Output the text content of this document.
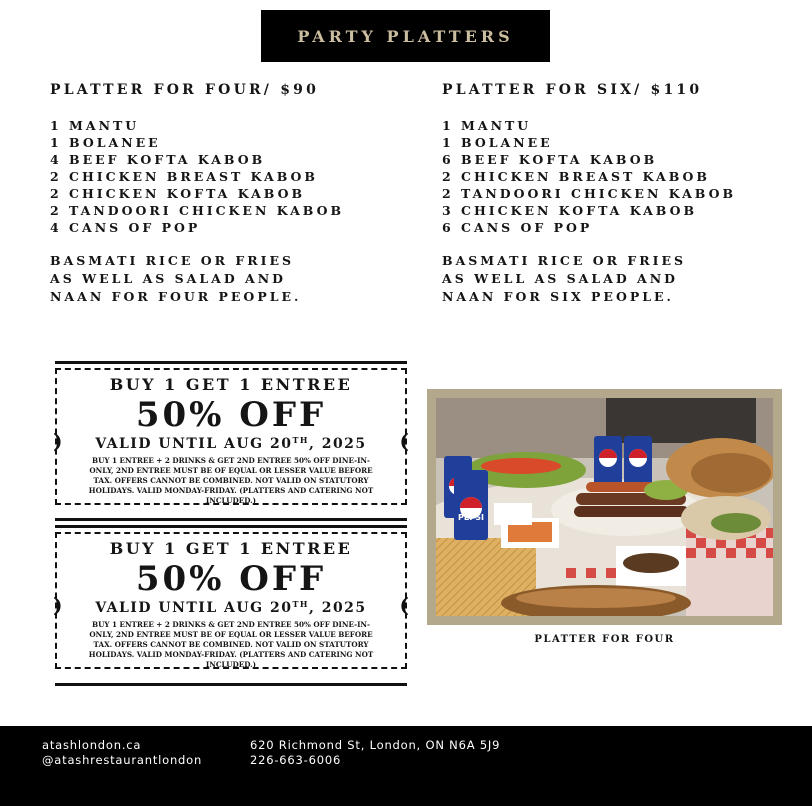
PARTY PLATTERS
PLATTER FOR FOUR/ $90
1 MANTU
1 BOLANEE
4 BEEF KOFTA KABOB
2 CHICKEN BREAST KABOB
2 CHICKEN KOFTA KABOB
2 TANDOORI CHICKEN KABOB
4 CANS OF POP

BASMATI RICE OR FRIES AS WELL AS SALAD AND NAAN FOR FOUR PEOPLE.

PLATTER FOR SIX/ $110
1 MANTU
1 BOLANEE
6 BEEF KOFTA KABOB
2 CHICKEN BREAST KABOB
2 TANDOORI CHICKEN KABOB
3 CHICKEN KOFTA KABOB
6 CANS OF POP

BASMATI RICE OR FRIES AS WELL AS SALAD AND NAAN FOR SIX PEOPLE.

)	(
BUY 1 GET 1 ENTREE
50% OFF
VALID UNTIL AUG 20TH, 2025
BUY 1 ENTREE + 2 DRINKS & GET 2ND ENTREE 50% OFF DINE-IN-ONLY, 2ND ENTREE MUST BE OF EQUAL OR LESSER VALUE BEFORE TAX. OFFERS CANNOT BE COMBINED. NOT VALID ON STATUTORY HOLIDAYS. VALID MONDAY-FRIDAY. (PLATTERS AND CATERING NOT INCLUDED.)
)	(
BUY 1 GET 1 ENTREE
50% OFF
VALID UNTIL AUG 20TH, 2025
BUY 1 ENTREE + 2 DRINKS & GET 2ND ENTREE 50% OFF DINE-IN-ONLY, 2ND ENTREE MUST BE OF EQUAL OR LESSER VALUE BEFORE TAX. OFFERS CANNOT BE COMBINED. NOT VALID ON STATUTORY HOLIDAYS. VALID MONDAY-FRIDAY. (PLATTERS AND CATERING NOT INCLUDED.)
PEPSI
PLATTER FOR FOUR
atashlondon.ca
@atashrestaurantlondon
620 Richmond St, London, ON N6A 5J9
226-663-6006
